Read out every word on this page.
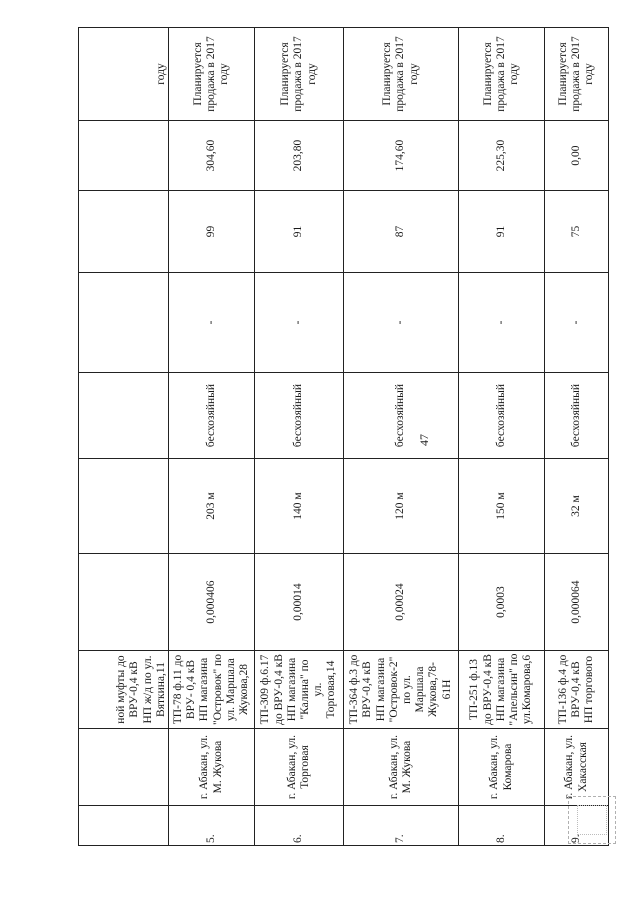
47
		ной муфты до ВРУ-0,4 кВ НП ж/д по ул. Вяткина,11							году
5.	г. Абакан, ул. М. Жукова	ТП-78 ф.11 до ВРУ- 0,4 кВ НП магазина "Островок" по ул. Маршала Жукова,28	0,000406	203 м	бесхозяйный	-	99	304,60	Планируется продажа в 2017 году
6.	г. Абакан, ул. Торговая	ТП-309 ф.6.17 до ВРУ-0,4 кВ НП магазина "Калина" по ул. Торговая,14	0,00014	140 м	бесхозяйный	-	91	203,80	Планируется продажа в 2017 году
7.	г. Абакан, ул. М. Жукова	ТП-364 ф.3 до ВРУ-0,4 кВ НП магазина "Островок-2" по ул. Маршала Жукова,78-61Н	0,00024	120 м	бесхозяйный	-	87	174,60	Планируется продажа в 2017 году
8.	г. Абакан, ул. Комарова	ТП-251 ф.13 до ВРУ-0,4 кВ НП магазина "Апельсин" по ул.Комарова,6	0,0003	150 м	бесхозяйный	-	91	225,30	Планируется продажа в 2017 году
9.	г. Абакан, ул. Хакасская	ТП-136 ф.4 до ВРУ-0,4 кВ НП торгового	0,000064	32 м	бесхозяйный	-	75	0,00	Планируется продажа в 2017 году
